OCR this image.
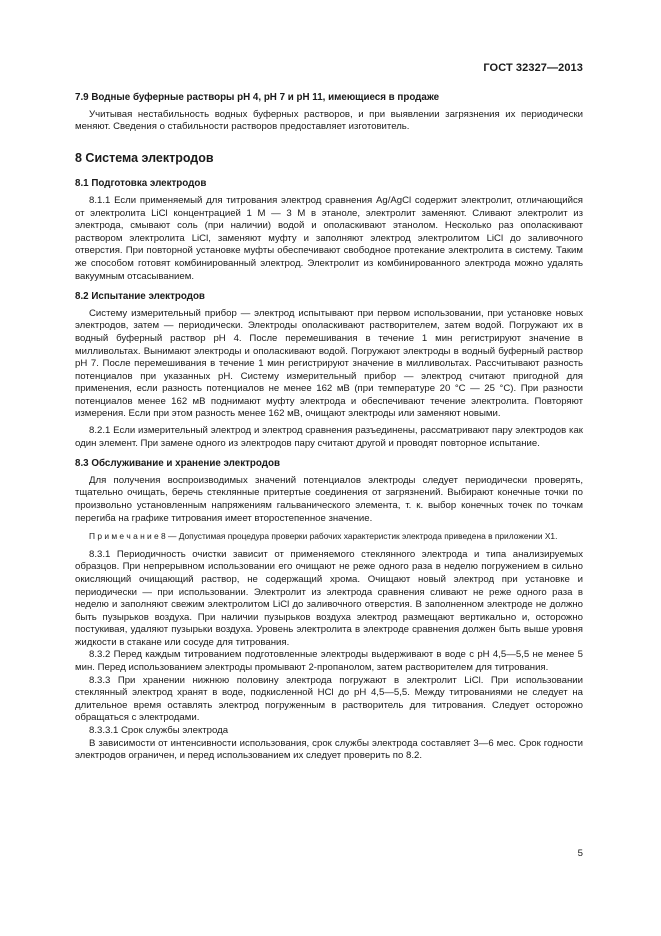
ГОСТ 32327—2013
7.9 Водные буферные растворы pH 4, pH 7 и pH 11, имеющиеся в продаже

Учитывая нестабильность водных буферных растворов, и при выявлении загрязнения их периодически меняют. Сведения о стабильности растворов предоставляет изготовитель.

8 Система электродов
8.1 Подготовка электродов

8.1.1 Если применяемый для титрования электрод сравнения Ag/AgCl содержит электролит, отличающийся от электролита LiCl концентрацией 1 M — 3 M в этаноле, электролит заменяют. Сливают электролит из электрода, смывают соль (при наличии) водой и ополаскивают этанолом. Несколько раз ополаскивают раствором электролита LiCl, заменяют муфту и заполняют электрод электролитом LiCl до заливочного отверстия. При повторной установке муфты обеспечивают свободное протекание электролита в систему. Таким же способом готовят комбинированный электрод. Электролит из комбинированного электрода можно удалять вакуумным отсасыванием.

8.2 Испытание электродов

Систему измерительный прибор — электрод испытывают при первом использовании, при установке новых электродов, затем — периодически. Электроды ополаскивают растворителем, затем водой. Погружают их в водный буферный раствор pH 4. После перемешивания в течение 1 мин регистрируют значение в милливольтах. Вынимают электроды и ополаскивают водой. Погружают электроды в водный буферный раствор pH 7. После перемешивания в течение 1 мин регистрируют значение в милливольтах. Рассчитывают разность потенциалов при указанных pH. Систему измерительный прибор — электрод считают пригодной для применения, если разность потенциалов не менее 162 мВ (при температуре 20 °C — 25 °C). При разности потенциалов менее 162 мВ поднимают муфту электрода и обеспечивают течение электролита. Повторяют измерения. Если при этом разность менее 162 мВ, очищают электроды или заменяют новыми.

8.2.1 Если измерительный электрод и электрод сравнения разъединены, рассматривают пару электродов как один элемент. При замене одного из электродов пару считают другой и проводят повторное испытание.

8.3 Обслуживание и хранение электродов

Для получения воспроизводимых значений потенциалов электроды следует периодически проверять, тщательно очищать, беречь стеклянные притертые соединения от загрязнений. Выбирают конечные точки по произвольно установленным напряжениям гальванического элемента, т. к. выбор конечных точек по точкам перегиба на графике титрования имеет второстепенное значение.

П р и м е ч а н и е 8 — Допустимая процедура проверки рабочих характеристик электрода приведена в приложении X1.

8.3.1 Периодичность очистки зависит от применяемого стеклянного электрода и типа анализируемых образцов. При непрерывном использовании его очищают не реже одного раза в неделю погружением в сильно окисляющий очищающий раствор, не содержащий хрома. Очищают новый электрод при установке и периодически — при использовании. Электролит из электрода сравнения сливают не реже одного раза в неделю и заполняют свежим электролитом LiCl до заливочного отверстия. В заполненном электроде не должно быть пузырьков воздуха. При наличии пузырьков воздуха электрод размещают вертикально и, осторожно постукивая, удаляют пузырьки воздуха. Уровень электролита в электроде сравнения должен быть выше уровня жидкости в стакане или сосуде для титрования.

8.3.2 Перед каждым титрованием подготовленные электроды выдерживают в воде с pH 4,5—5,5 не менее 5 мин. Перед использованием электроды промывают 2-пропанолом, затем растворителем для титрования.

8.3.3 При хранении нижнюю половину электрода погружают в электролит LiCl. При использовании стеклянный электрод хранят в воде, подкисленной HCl до pH 4,5—5,5. Между титрованиями не следует на длительное время оставлять электрод погруженным в растворитель для титрования. Следует осторожно обращаться с электродами.

8.3.3.1 Срок службы электрода

В зависимости от интенсивности использования, срок службы электрода составляет 3—6 мес. Срок годности электродов ограничен, и перед использованием их следует проверить по 8.2.

5
